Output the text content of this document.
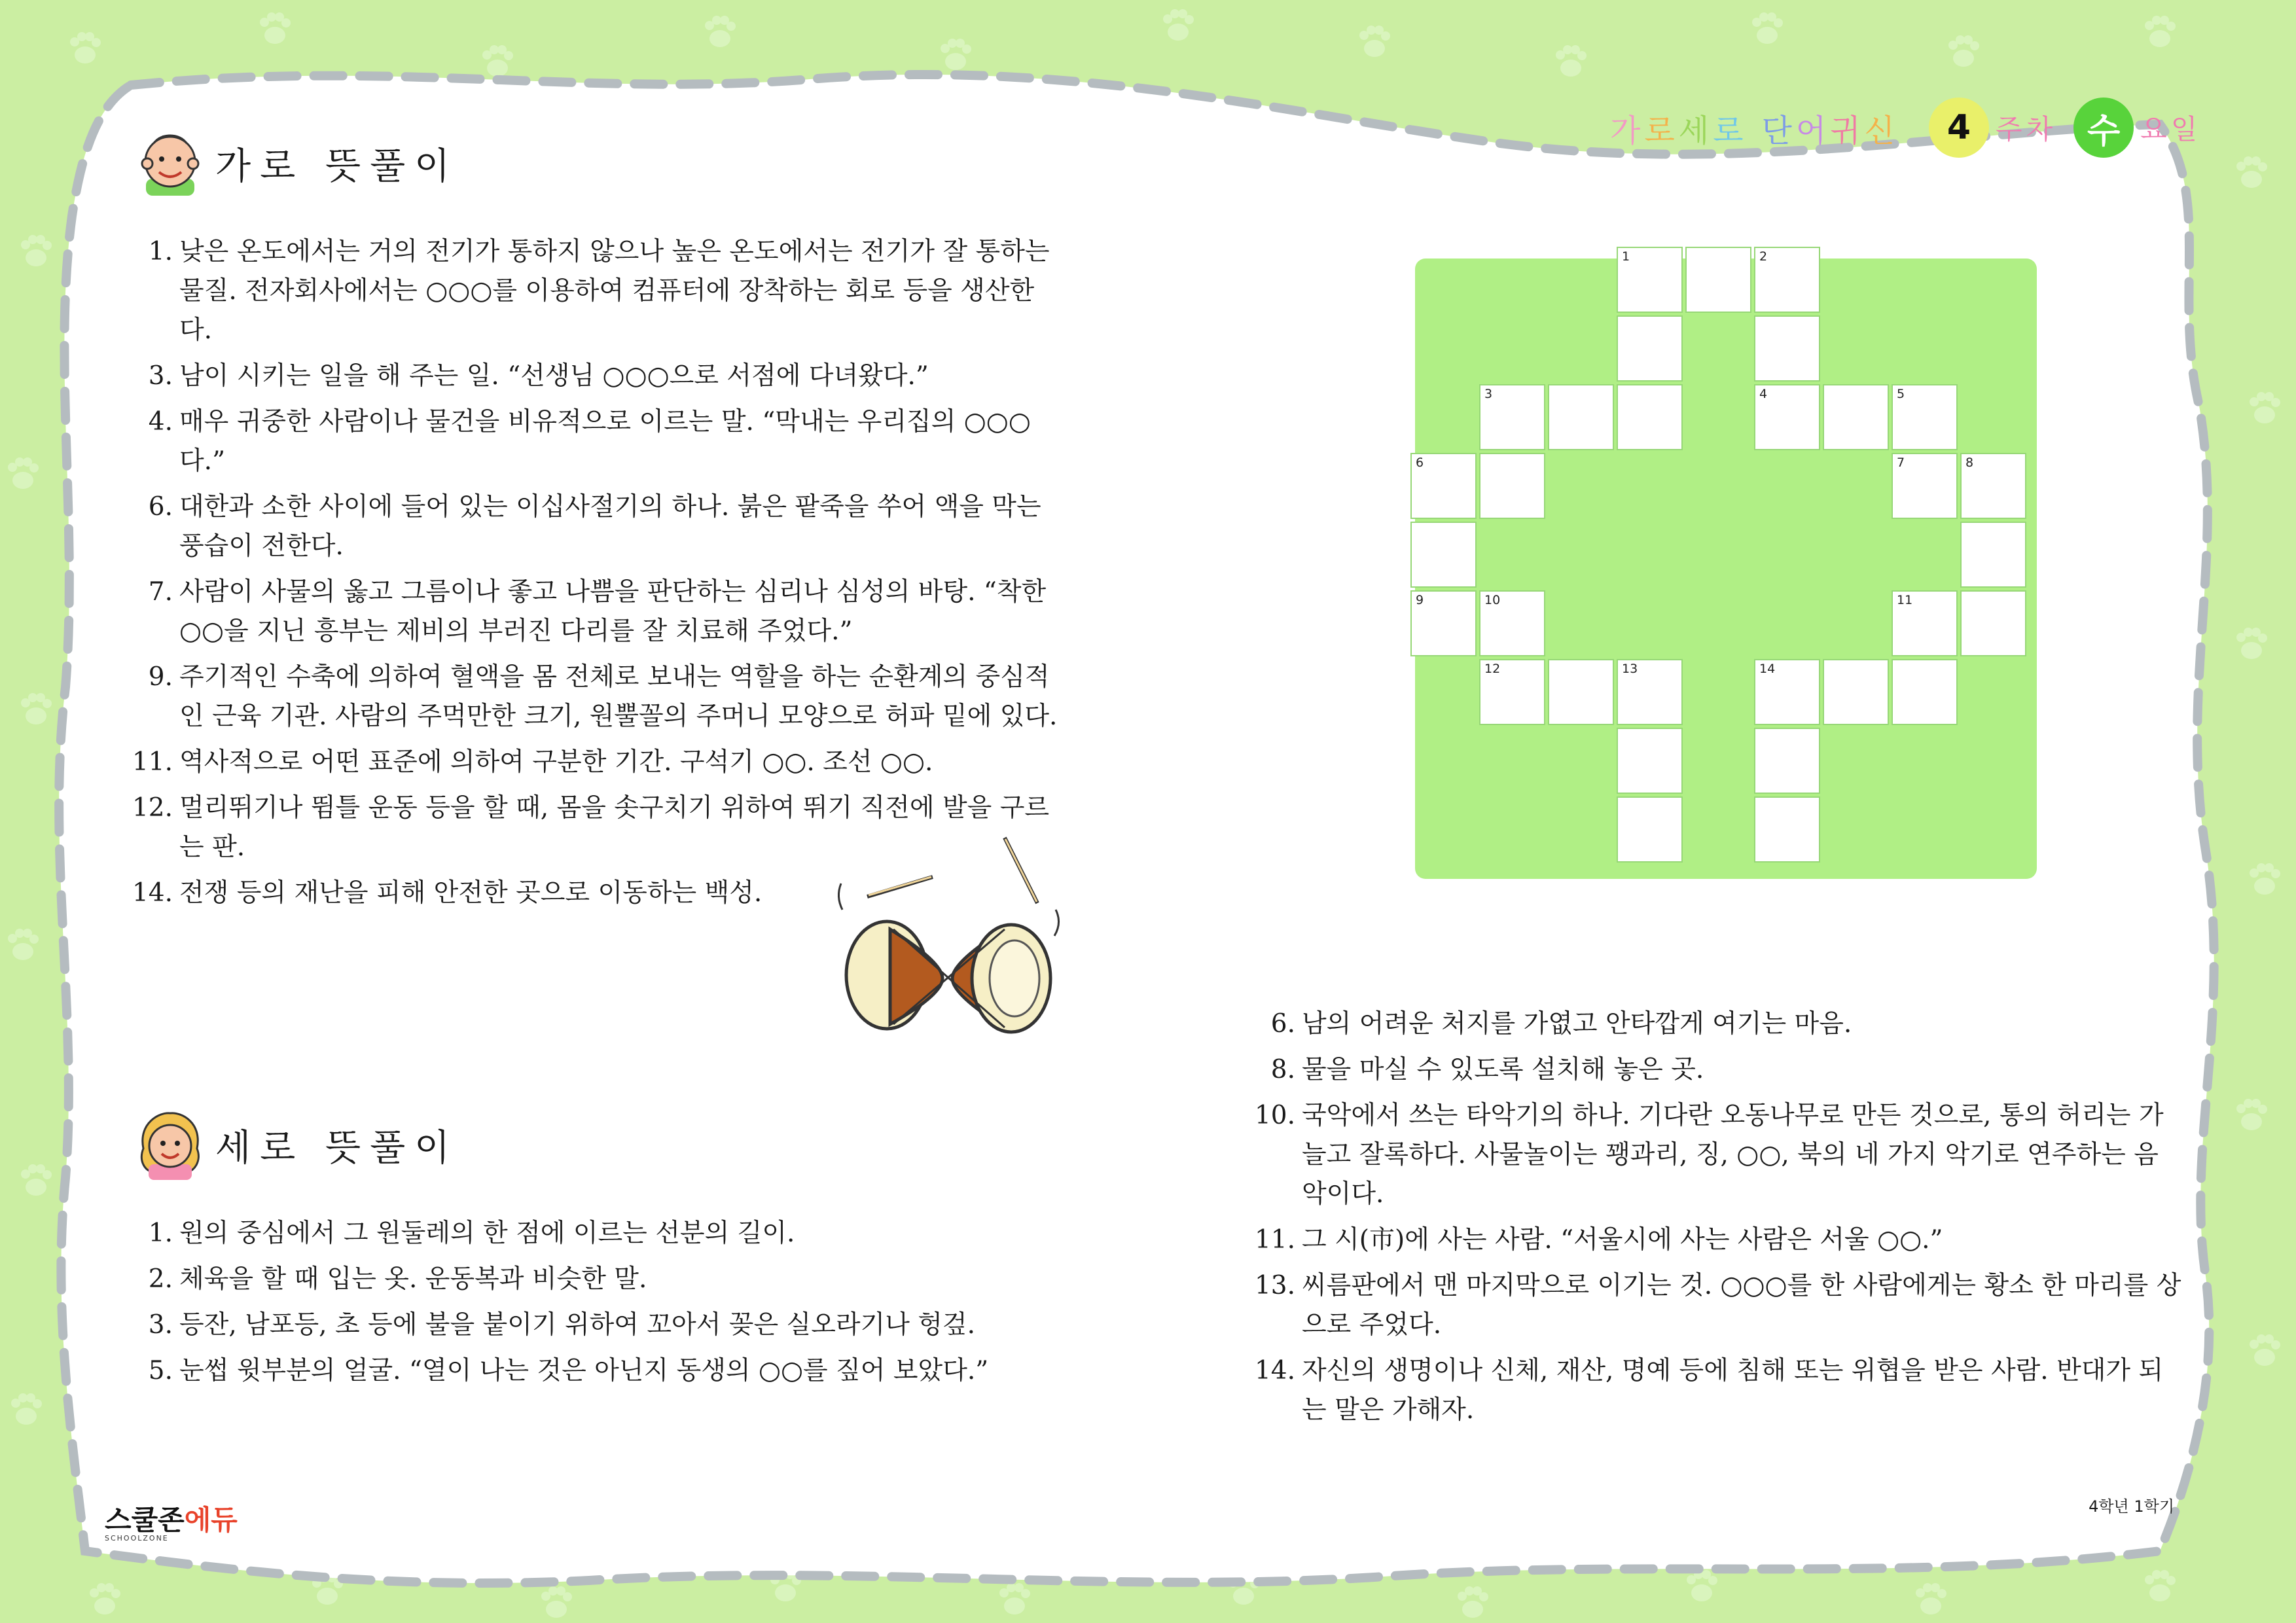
가 로 세 로 단 어 귀 신	4 주차 수 요일
가로 뜻풀이
1. 낮은 온도에서는 거의 전기가 통하지 않으나 높은 온도에서는 전기가 잘 통하는 물질. 전자회사에서는 ○○○를 이용하여 컴퓨터에 장착하는 회로 등을 생산한다.
3. 남이 시키는 일을 해 주는 일. “선생님 ○○○으로 서점에 다녀왔다.”
4. 매우 귀중한 사람이나 물건을 비유적으로 이르는 말. “막내는 우리집의 ○○○다.”
6. 대한과 소한 사이에 들어 있는 이십사절기의 하나. 붉은 팥죽을 쑤어 액을 막는 풍습이 전한다.
7. 사람이 사물의 옳고 그름이나 좋고 나쁨을 판단하는 심리나 심성의 바탕. “착한 ○○을 지닌 흥부는 제비의 부러진 다리를 잘 치료해 주었다.”
9. 주기적인 수축에 의하여 혈액을 몸 전체로 보내는 역할을 하는 순환계의 중심적인 근육 기관. 사람의 주먹만한 크기, 원뿔꼴의 주머니 모양으로 허파 밑에 있다.
11. 역사적으로 어떤 표준에 의하여 구분한 기간. 구석기 ○○. 조선 ○○.
12. 멀리뛰기나 뜀틀 운동 등을 할 때, 몸을 솟구치기 위하여 뛰기 직전에 발을 구르는 판.
14. 전쟁 등의 재난을 피해 안전한 곳으로 이동하는 백성.
세로 뜻풀이
1. 원의 중심에서 그 원둘레의 한 점에 이르는 선분의 길이.
2. 체육을 할 때 입는 옷. 운동복과 비슷한 말.
3. 등잔, 남포등, 초 등에 불을 붙이기 위하여 꼬아서 꽂은 실오라기나 헝겊.
5. 눈썹 윗부분의 얼굴. “열이 나는 것은 아닌지 동생의 ○○를 짚어 보았다.”
1	2
3	4	5
6	7	8
9	10	11
12	13	14
6. 남의 어려운 처지를 가엾고 안타깝게 여기는 마음.
8. 물을 마실 수 있도록 설치해 놓은 곳.
10. 국악에서 쓰는 타악기의 하나. 기다란 오동나무로 만든 것으로, 통의 허리는 가늘고 잘록하다. 사물놀이는 꽹과리, 징, ○○, 북의 네 가지 악기로 연주하는 음악이다.
11. 그 시(市)에 사는 사람. “서울시에 사는 사람은 서울 ○○.”
13. 씨름판에서 맨 마지막으로 이기는 것. ○○○를 한 사람에게는 황소 한 마리를 상으로 주었다.
14. 자신의 생명이나 신체, 재산, 명예 등에 침해 또는 위협을 받은 사람. 반대가 되는 말은 가해자.
스쿨존에듀
SCHOOLZONE
4학년 1학기
